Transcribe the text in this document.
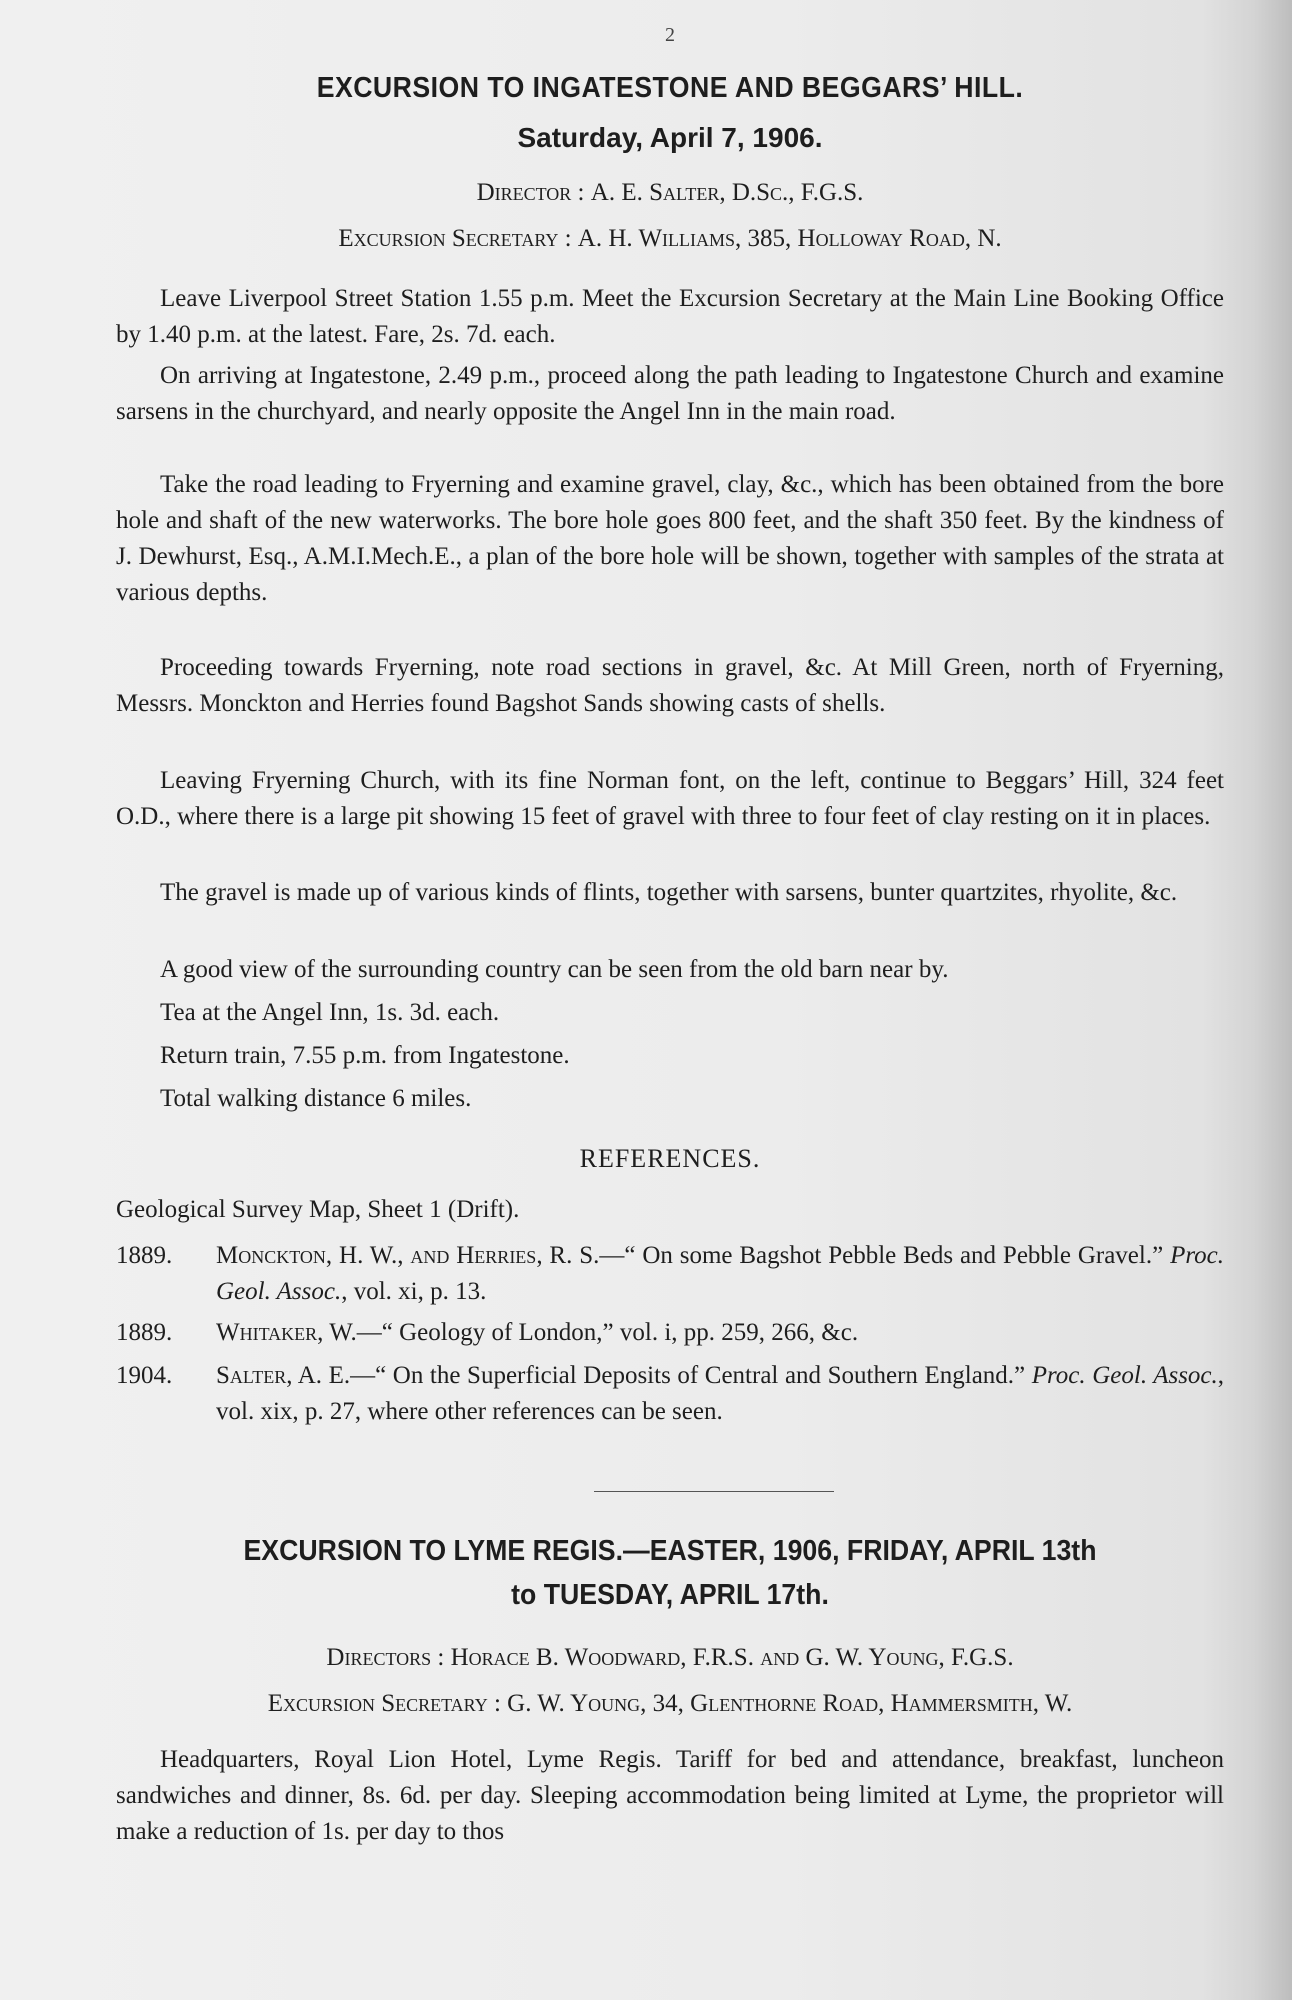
2
EXCURSION TO INGATESTONE AND BEGGARS’ HILL.
Saturday, April 7, 1906.
Director : A. E. Salter, D.Sc., F.G.S.
Excursion Secretary : A. H. Williams, 385, Holloway Road, N.
Leave Liverpool Street Station 1.55 p.m. Meet the Excursion Secretary at the Main Line Booking Office by 1.40 p.m. at the latest. Fare, 2s. 7d. each.
On arriving at Ingatestone, 2.49 p.m., proceed along the path leading to Ingatestone Church and examine sarsens in the churchyard, and nearly opposite the Angel Inn in the main road.
Take the road leading to Fryerning and examine gravel, clay, &c., which has been obtained from the bore hole and shaft of the new waterworks. The bore hole goes 800 feet, and the shaft 350 feet. By the kindness of J. Dewhurst, Esq., A.M.I.Mech.E., a plan of the bore hole will be shown, together with samples of the strata at various depths.
Proceeding towards Fryerning, note road sections in gravel, &c. At Mill Green, north of Fryerning, Messrs. Monckton and Herries found Bagshot Sands showing casts of shells.
Leaving Fryerning Church, with its fine Norman font, on the left, continue to Beggars’ Hill, 324 feet O.D., where there is a large pit showing 15 feet of gravel with three to four feet of clay resting on it in places.
The gravel is made up of various kinds of flints, together with sarsens, bunter quartzites, rhyolite, &c.
A good view of the surrounding country can be seen from the old barn near by.
Tea at the Angel Inn, 1s. 3d. each.
Return train, 7.55 p.m. from Ingatestone.
Total walking distance 6 miles.
REFERENCES.
Geological Survey Map, Sheet 1 (Drift).
1889. Monckton, H. W., and Herries, R. S.—“ On some Bagshot Pebble Beds and Pebble Gravel.” Proc. Geol. Assoc., vol. xi, p. 13.
1889. Whitaker, W.—“ Geology of London,” vol. i, pp. 259, 266, &c.
1904. Salter, A. E.—“ On the Superficial Deposits of Central and Southern England.” Proc. Geol. Assoc., vol. xix, p. 27, where other references can be seen.
EXCURSION TO LYME REGIS.—EASTER, 1906, FRIDAY, APRIL 13th
to TUESDAY, APRIL 17th.
Directors : Horace B. Woodward, F.R.S. and G. W. Young, F.G.S.
Excursion Secretary : G. W. Young, 34, Glenthorne Road, Hammersmith, W.
Headquarters, Royal Lion Hotel, Lyme Regis. Tariff for bed and attendance, breakfast, luncheon sandwiches and dinner, 8s. 6d. per day. Sleeping accommodation being limited at Lyme, the proprietor will make a reduction of 1s. per day to thos
